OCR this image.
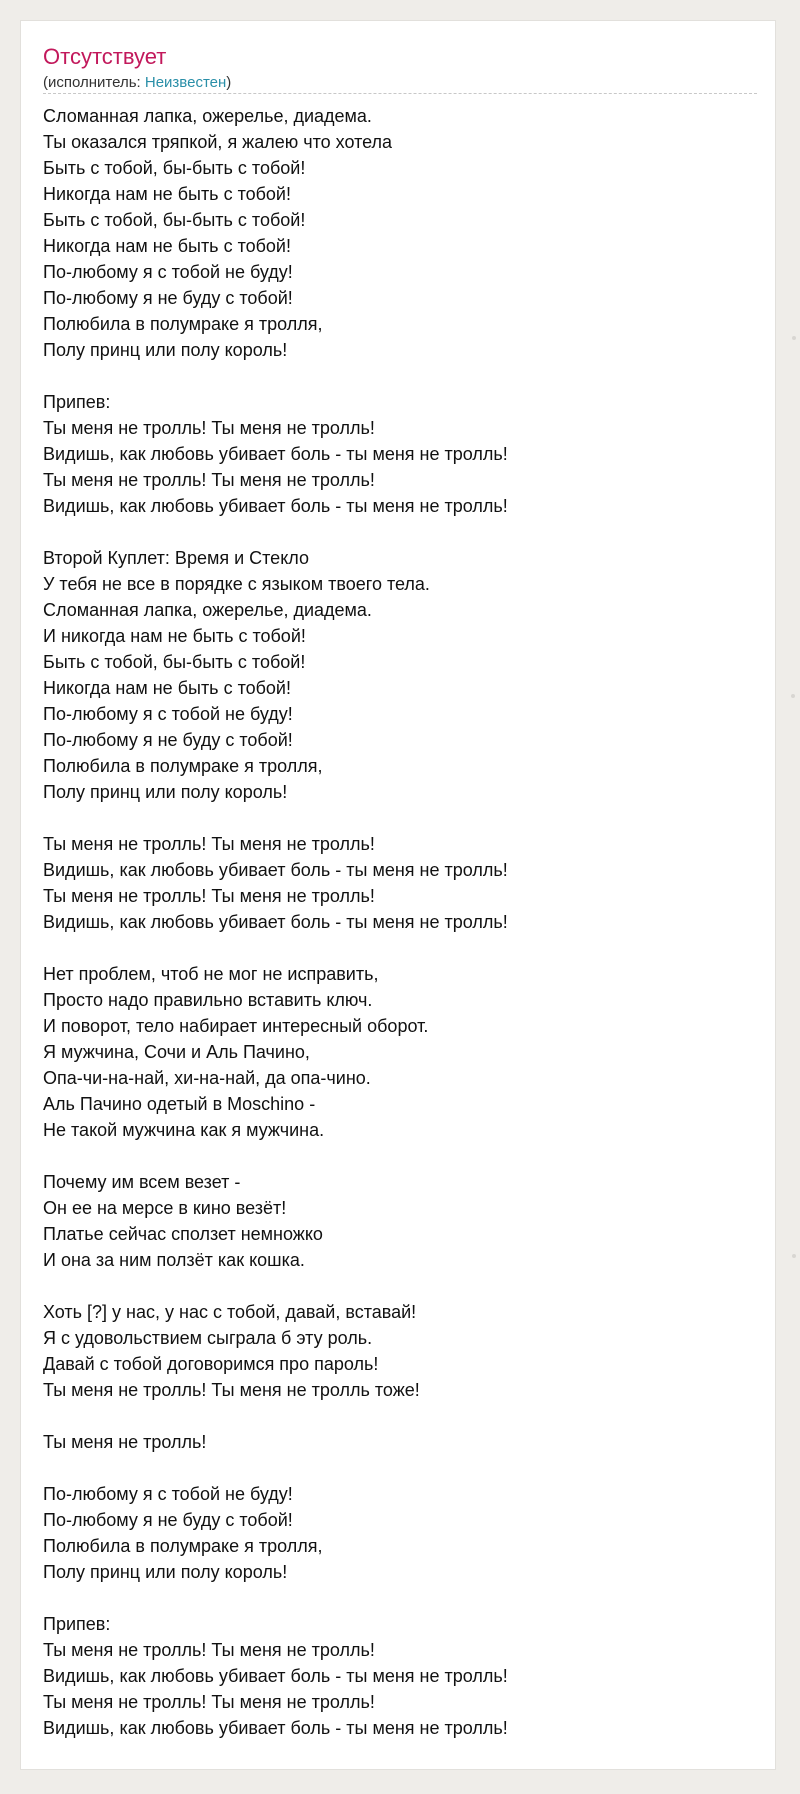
Отсутствует
(исполнитель: Неизвестен)
Сломанная лапка, ожерелье, диадема.
Ты оказался тряпкой, я жалею что хотела
Быть с тобой, бы-быть с тобой!
Никогда нам не быть с тобой!
Быть с тобой, бы-быть с тобой!
Никогда нам не быть с тобой!
По-любому я с тобой не буду!
По-любому я не буду с тобой!
Полюбила в полумраке я тролля,
Полу принц или полу король!
Припев:
Ты меня не тролль! Ты меня не тролль!
Видишь, как любовь убивает боль - ты меня не тролль!
Ты меня не тролль! Ты меня не тролль!
Видишь, как любовь убивает боль - ты меня не тролль!
Второй Куплет: Время и Стекло
У тебя не все в порядке с языком твоего тела.
Сломанная лапка, ожерелье, диадема.
И никогда нам не быть с тобой!
Быть с тобой, бы-быть с тобой!
Никогда нам не быть с тобой!
По-любому я с тобой не буду!
По-любому я не буду с тобой!
Полюбила в полумраке я тролля,
Полу принц или полу король!
Ты меня не тролль! Ты меня не тролль!
Видишь, как любовь убивает боль - ты меня не тролль!
Ты меня не тролль! Ты меня не тролль!
Видишь, как любовь убивает боль - ты меня не тролль!
Нет проблем, чтоб не мог не исправить,
Просто надо правильно вставить ключ.
И поворот, тело набирает интересный оборот.
Я мужчина, Сочи и Аль Пачино,
Опа-чи-на-най, хи-на-най, да опа-чино.
Аль Пачино одетый в Moschino -
Не такой мужчина как я мужчина.
Почему им всем везет -
Он ее на мерсе в кино везёт!
Платье сейчас сползет немножко
И она за ним ползёт как кошка.
Хоть [?] у нас, у нас с тобой, давай, вставай!
Я с удовольствием сыграла б эту роль.
Давай с тобой договоримся про пароль!
Ты меня не тролль! Ты меня не тролль тоже!
Ты меня не тролль!
По-любому я с тобой не буду!
По-любому я не буду с тобой!
Полюбила в полумраке я тролля,
Полу принц или полу король!
Припев:
Ты меня не тролль! Ты меня не тролль!
Видишь, как любовь убивает боль - ты меня не тролль!
Ты меня не тролль! Ты меня не тролль!
Видишь, как любовь убивает боль - ты меня не тролль!
